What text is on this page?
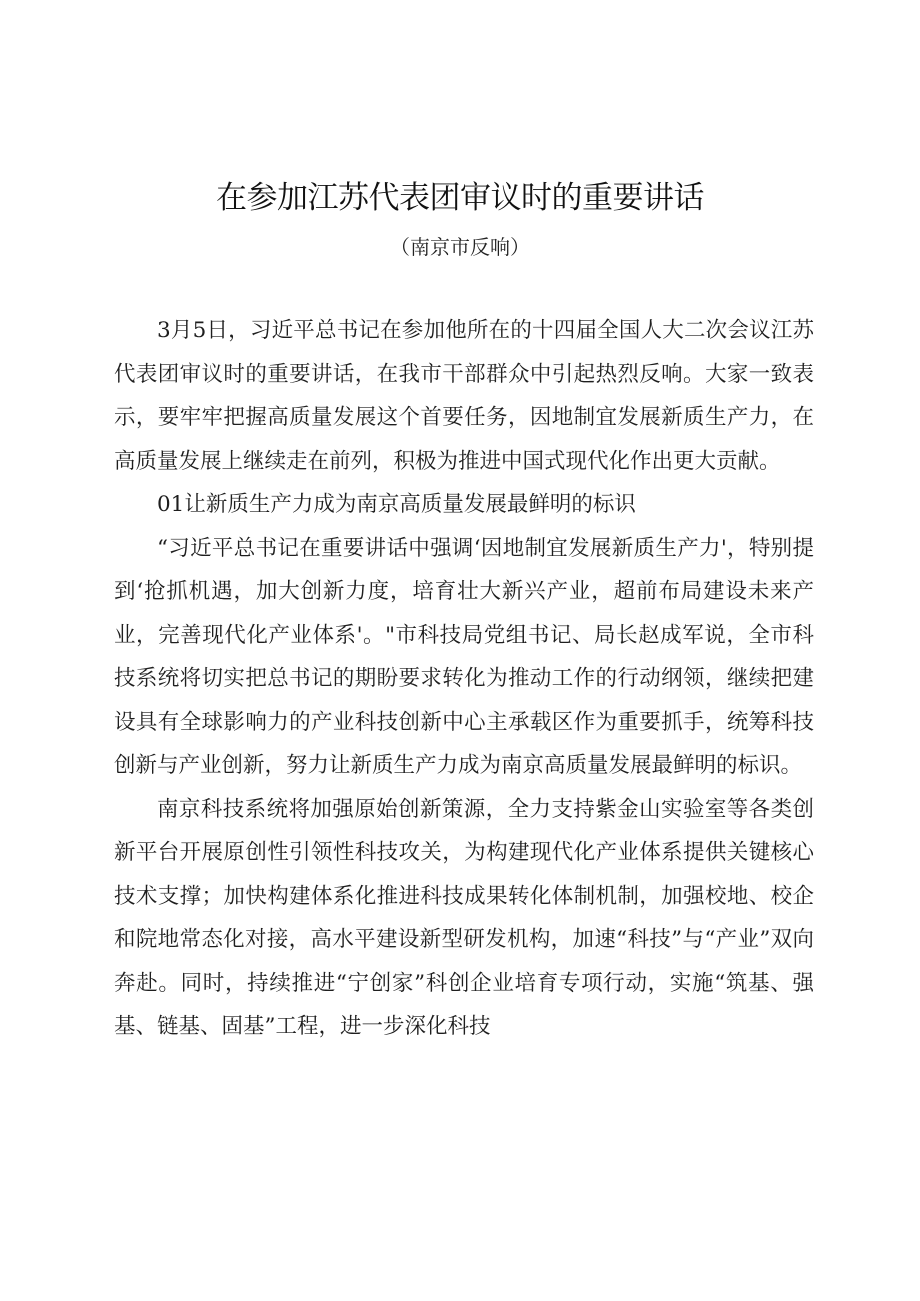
在参加江苏代表团审议时的重要讲话
（南京市反响）

3月5日，习近平总书记在参加他所在的十四届全国人大二次会议江苏代表团审议时的重要讲话，在我市干部群众中引起热烈反响。大家一致表示，要牢牢把握高质量发展这个首要任务，因地制宜发展新质生产力，在高质量发展上继续走在前列，积极为推进中国式现代化作出更大贡献。

01让新质生产力成为南京高质量发展最鲜明的标识

“习近平总书记在重要讲话中强调‘因地制宜发展新质生产力'，特别提到‘抢抓机遇，加大创新力度，培育壮大新兴产业，超前布局建设未来产业，完善现代化产业体系'。"市科技局党组书记、局长赵成军说，全市科技系统将切实把总书记的期盼要求转化为推动工作的行动纲领，继续把建设具有全球影响力的产业科技创新中心主承载区作为重要抓手，统筹科技创新与产业创新，努力让新质生产力成为南京高质量发展最鲜明的标识。

南京科技系统将加强原始创新策源，全力支持紫金山实验室等各类创新平台开展原创性引领性科技攻关，为构建现代化产业体系提供关键核心技术支撑；加快构建体系化推进科技成果转化体制机制，加强校地、校企和院地常态化对接，高水平建设新型研发机构，加速“科技”与“产业”双向奔赴。同时，持续推进“宁创家”科创企业培育专项行动，实施“筑基、强基、链基、固基”工程，进一步深化科技
